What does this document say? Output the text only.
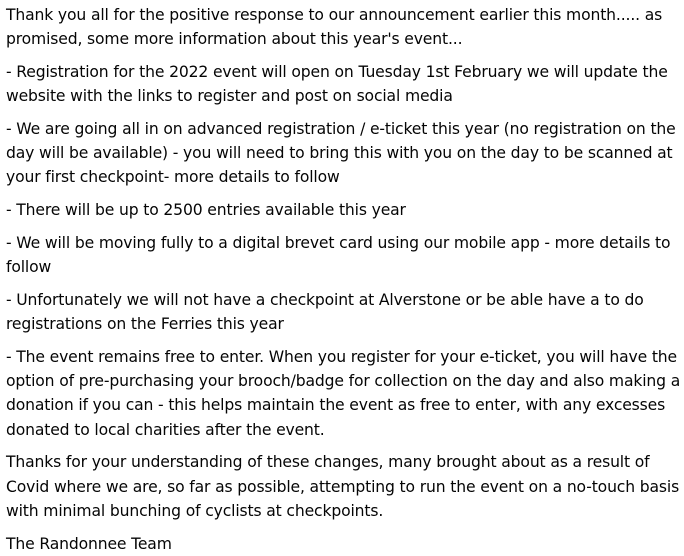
Thank you all for the positive response to our announcement earlier this month..... as promised, some more information about this year's event...

- Registration for the 2022 event will open on Tuesday 1st February we will update the website with the links to register and post on social media

- We are going all in on advanced registration / e-ticket this year (no registration on the day will be available) - you will need to bring this with you on the day to be scanned at your first checkpoint- more details to follow

- There will be up to 2500 entries available this year

- We will be moving fully to a digital brevet card using our mobile app - more details to follow

- Unfortunately we will not have a checkpoint at Alverstone or be able have a to do registrations on the Ferries this year

- The event remains free to enter. When you register for your e-ticket, you will have the option of pre-purchasing your brooch/badge for collection on the day and also making a donation if you can - this helps maintain the event as free to enter, with any excesses donated to local charities after the event.

Thanks for your understanding of these changes, many brought about as a result of Covid where we are, so far as possible, attempting to run the event on a no-touch basis with minimal bunching of cyclists at checkpoints.

The Randonnee Team
